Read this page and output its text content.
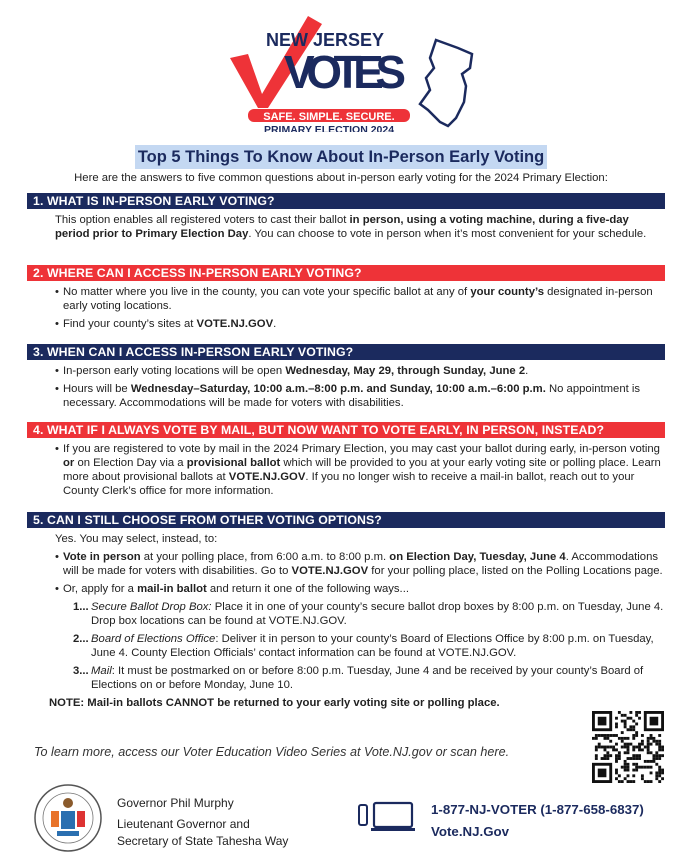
NEW JERSEY
VOTES
SAFE. SIMPLE. SECURE.
PRIMARY ELECTION 2024
Top 5 Things To Know About In-Person Early Voting
Here are the answers to five common questions about in-person early voting for the 2024 Primary Election:
1. WHAT IS IN-PERSON EARLY VOTING?
This option enables all registered voters to cast their ballot in person, using a voting machine, during a five-day period prior to Primary Election Day. You can choose to vote in person when it’s most convenient for your schedule.
2. WHERE CAN I ACCESS IN-PERSON EARLY VOTING?
• No matter where you live in the county, you can vote your specific ballot at any of your county’s designated in-person early voting locations.
• Find your county’s sites at VOTE.NJ.GOV.
3. WHEN CAN I ACCESS IN-PERSON EARLY VOTING?
• In-person early voting locations will be open Wednesday, May 29, through Sunday, June 2.
• Hours will be Wednesday–Saturday, 10:00 a.m.–8:00 p.m. and Sunday, 10:00 a.m.–6:00 p.m. No appointment is necessary. Accommodations will be made for voters with disabilities.
4. WHAT IF I ALWAYS VOTE BY MAIL, BUT NOW WANT TO VOTE EARLY, IN PERSON, INSTEAD?
• If you are registered to vote by mail in the 2024 Primary Election, you may cast your ballot during early, in-person voting or on Election Day via a provisional ballot which will be provided to you at your early voting site or polling place. Learn more about provisional ballots at VOTE.NJ.GOV. If you no longer wish to receive a mail-in ballot, reach out to your County Clerk’s office for more information.
5. CAN I STILL CHOOSE FROM OTHER VOTING OPTIONS?
Yes. You may select, instead, to:
• Vote in person at your polling place, from 6:00 a.m. to 8:00 p.m. on Election Day, Tuesday, June 4. Accommodations will be made for voters with disabilities. Go to VOTE.NJ.GOV for your polling place, listed on the Polling Locations page.
• Or, apply for a mail-in ballot and return it one of the following ways...
1... Secure Ballot Drop Box: Place it in one of your county’s secure ballot drop boxes by 8:00 p.m. on Tuesday, June 4. Drop box locations can be found at VOTE.NJ.GOV.
2... Board of Elections Office: Deliver it in person to your county’s Board of Elections Office by 8:00 p.m. on Tuesday, June 4. County Election Officials’ contact information can be found at VOTE.NJ.GOV.
3... Mail: It must be postmarked on or before 8:00 p.m. Tuesday, June 4 and be received by your county’s Board of Elections on or before Monday, June 10.
NOTE: Mail-in ballots CANNOT be returned to your early voting site or polling place.
To learn more, access our Voter Education Video Series at Vote.NJ.gov or scan here.
Governor Phil Murphy
Lieutenant Governor and
Secretary of State Tahesha Way
1-877-NJ-VOTER (1-877-658-6837)
Vote.NJ.Gov
